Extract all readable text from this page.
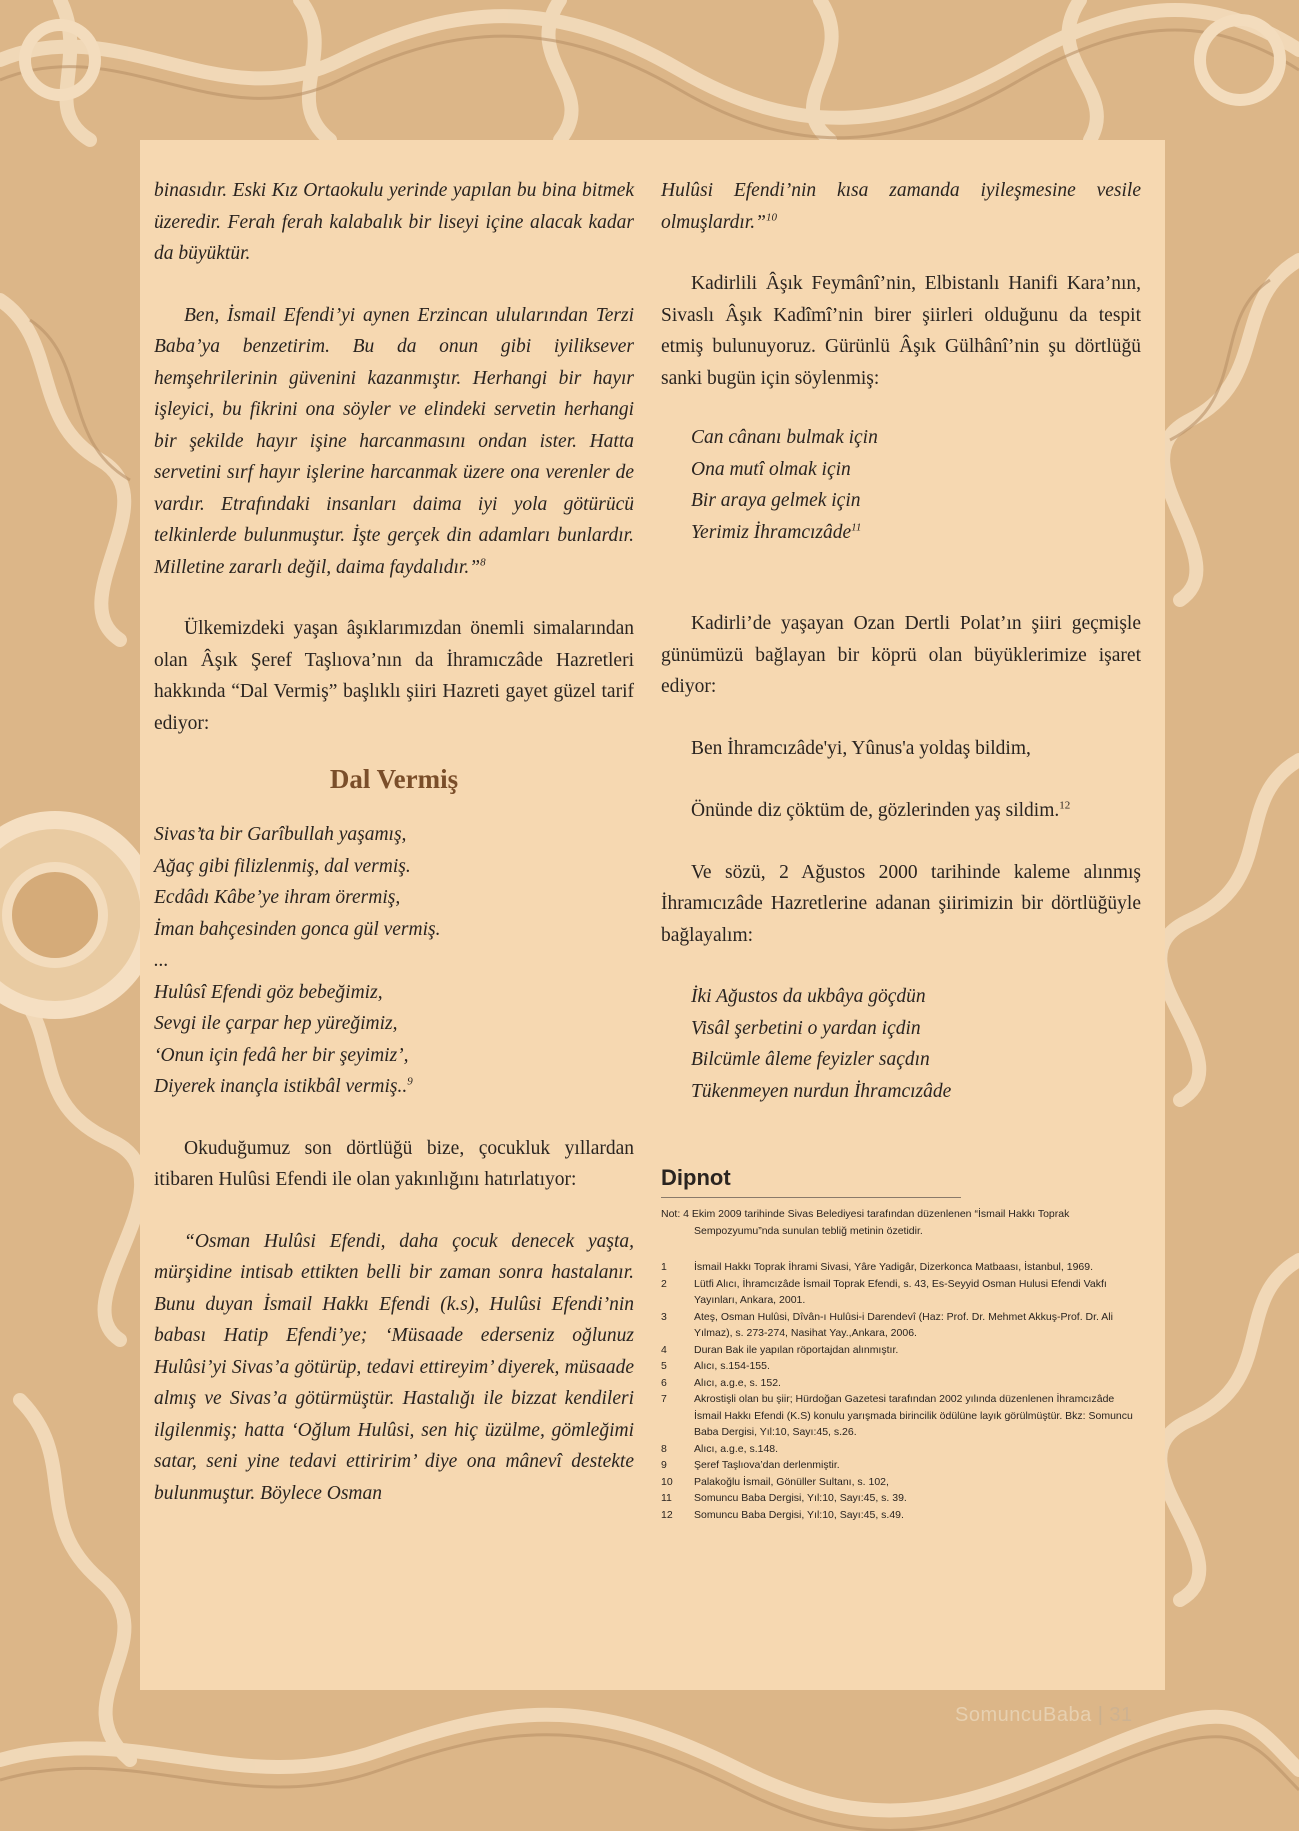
binasıdır. Eski Kız Ortaokulu yerinde yapılan bu bina bitmek üzeredir. Ferah ferah kalabalık bir liseyi içine alacak kadar da büyüktür.

Ben, İsmail Efendi’yi aynen Erzincan ulularından Terzi Baba’ya benzetirim. Bu da onun gibi iyiliksever hemşehrilerinin güvenini kazanmıştır. Herhangi bir hayır işleyici, bu fikrini ona söyler ve elindeki servetin herhangi bir şekilde hayır işine harcanmasını ondan ister. Hatta servetini sırf hayır işlerine harcanmak üzere ona verenler de vardır. Etrafındaki insanları daima iyi yola götürücü telkinlerde bulunmuştur. İşte gerçek din adamları bunlardır. Milletine zararlı değil, daima faydalıdır.”$^8$

Ülkemizdeki yaşan âşıklarımızdan önemli simalarından olan Âşık Şeref Taşlıova’nın da İhramıczâde Hazretleri hakkında “Dal Vermiş” başlıklı şiiri Hazreti gayet güzel tarif ediyor:

Dal Vermiş
Sivas’ta bir Garîbullah yaşamış,
Ağaç gibi filizlenmiş, dal vermiş.
Ecdâdı Kâbe’ye ihram örermiş,
İman bahçesinden gonca gül vermiş.
...
Hulûsî Efendi göz bebeğimiz,
Sevgi ile çarpar hep yüreğimiz,
‘Onun için fedâ her bir şeyimiz’,
Diyerek inançla istikbâl vermiş..$^9$

Okuduğumuz son dörtlüğü bize, çocukluk yıllardan itibaren Hulûsi Efendi ile olan yakınlığını hatırlatıyor:

“Osman Hulûsi Efendi, daha çocuk denecek yaşta, mürşidine intisab ettikten belli bir zaman sonra hastalanır. Bunu duyan İsmail Hakkı Efendi (k.s), Hulûsi Efendi’nin babası Hatip Efendi’ye; ‘Müsaade ederseniz oğlunuz Hulûsi’yi Sivas’a götürüp, tedavi ettireyim’ diyerek, müsaade almış ve Sivas’a götürmüştür. Hastalığı ile bizzat kendileri ilgilenmiş; hatta ‘Oğlum Hulûsi, sen hiç üzülme, gömleğimi satar, seni yine tedavi ettiririm’ diye ona mânevî destekte bulunmuştur. Böylece Osman

Hulûsi Efendi’nin kısa zamanda iyileşmesine vesile olmuşlardır.”$^{10}$

Kadirlili Âşık Feymânî’nin, Elbistanlı Hanifi Kara’nın, Sivaslı Âşık Kadîmî’nin birer şiirleri olduğunu da tespit etmiş bulunuyoruz. Gürünlü Âşık Gülhânî’nin şu dörtlüğü sanki bugün için söylenmiş:

Can cânanı bulmak için
Ona mutî olmak için
Bir araya gelmek için
Yerimiz İhramcızâde$^{11}$

Kadirli’de yaşayan Ozan Dertli Polat’ın şiiri geçmişle günümüzü bağlayan bir köprü olan büyüklerimize işaret ediyor:

Ben İhramcızâde'yi, Yûnus'a yoldaş bildim,
Önünde diz çöktüm de, gözlerinden yaş sildim.$^{12}$

Ve sözü, 2 Ağustos 2000 tarihinde kaleme alınmış İhramıcızâde Hazretlerine adanan şiirimizin bir dörtlüğüyle bağlayalım:

İki Ağustos da ukbâya göçdün
Visâl şerbetini o yardan içdin
Bilcümle âleme feyizler saçdın
Tükenmeyen nurdun İhramcızâde
Dipnot
Not: 4 Ekim 2009 tarihinde Sivas Belediyesi tarafından düzenlenen “İsmail Hakkı Toprak Sempozyumu”nda sunulan tebliğ metinin özetidir.
1	İsmail Hakkı Toprak İhrami Sivasi, Yâre Yadigâr, Dizerkonca Matbaası, İstanbul, 1969.
2	Lütfi Alıcı, İhramcızâde İsmail Toprak Efendi, s. 43, Es-Seyyid Osman Hulusi Efendi Vakfı Yayınları, Ankara, 2001.
3	Ateş, Osman Hulûsi, Dîvân-ı Hulûsi-i Darendevî (Haz: Prof. Dr. Mehmet Akkuş-Prof. Dr. Ali Yılmaz), s. 273-274, Nasihat Yay.,Ankara, 2006.
4	Duran Bak ile yapılan röportajdan alınmıştır.
5	Alıcı, s.154-155.
6	Alıcı, a.g.e, s. 152.
7	Akrostişli olan bu şiir; Hürdoğan Gazetesi tarafından 2002 yılında düzenlenen İhramcızâde İsmail Hakkı Efendi (K.S) konulu yarışmada birincilik ödülüne layık görülmüştür. Bkz: Somuncu Baba Dergisi, Yıl:10, Sayı:45, s.26.
8	Alıcı, a.g.e, s.148.
9	Şeref Taşlıova’dan derlenmiştir.
10	Palakoğlu İsmail, Gönüller Sultanı, s. 102,
11	Somuncu Baba Dergisi, Yıl:10, Sayı:45, s. 39.
12	Somuncu Baba Dergisi, Yıl:10, Sayı:45, s.49.
SomuncuBaba | 31
